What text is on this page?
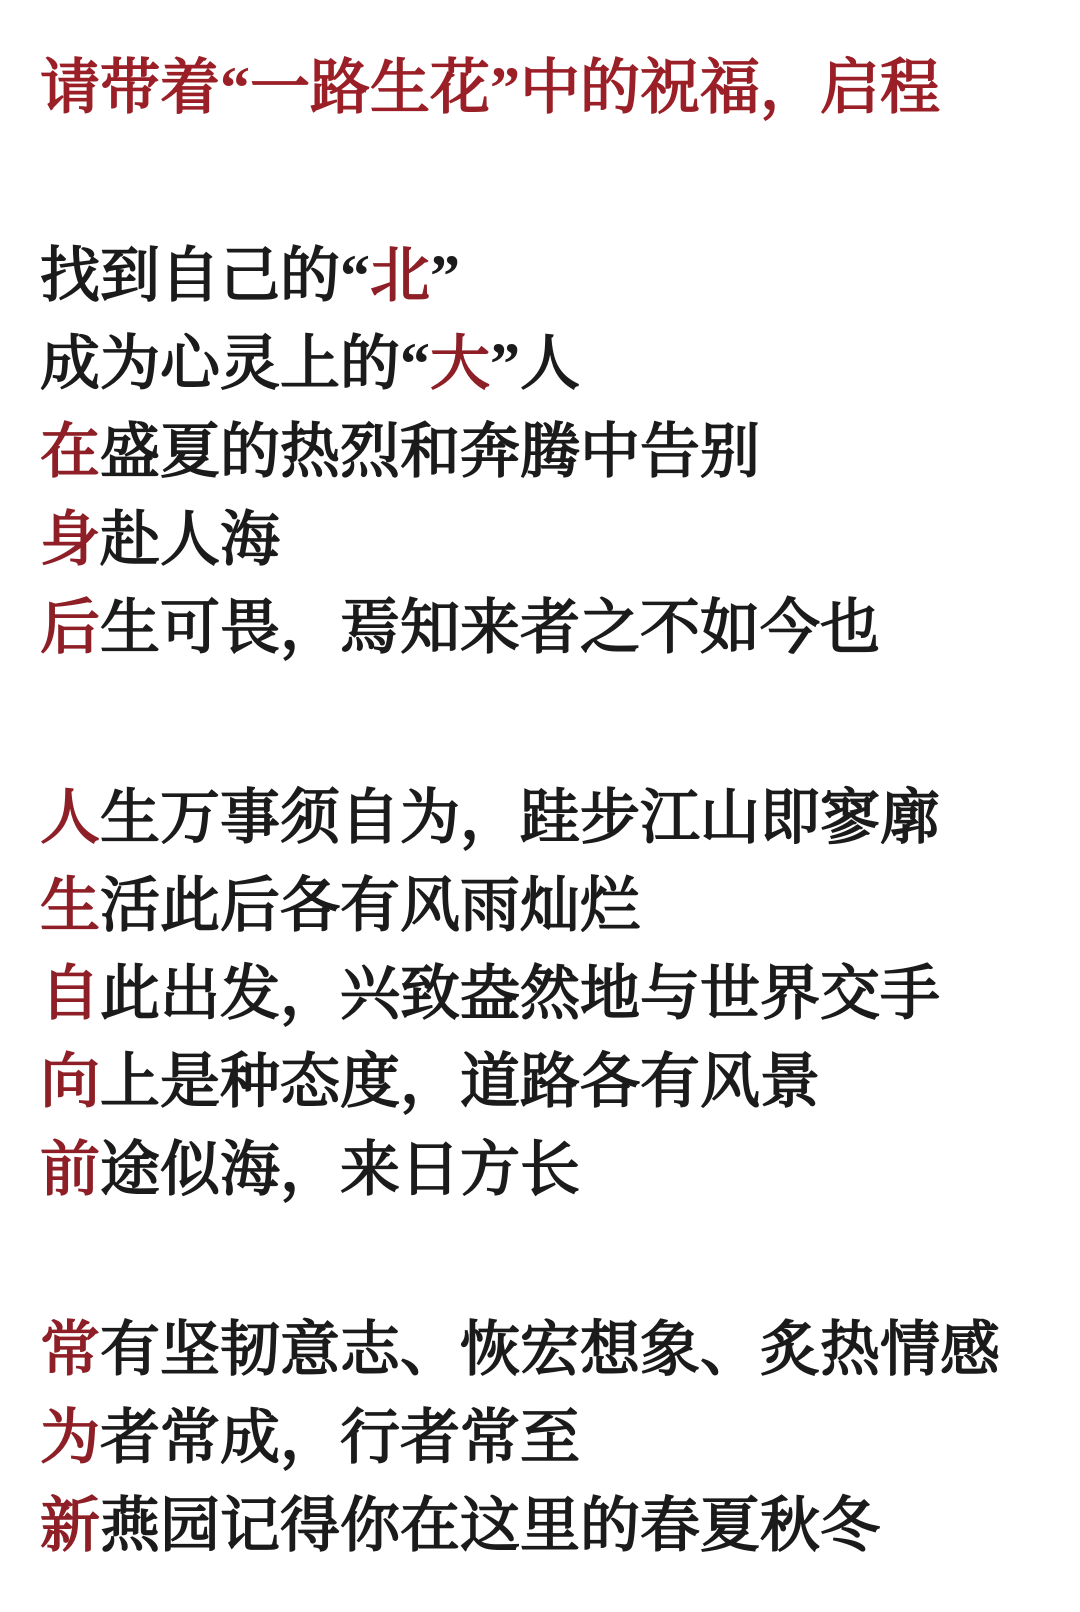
请带着“一路生花”中的祝福，启程

找到自己的“北”

成为心灵上的“大”人

在盛夏的热烈和奔腾中告别

身赴人海

后生可畏，焉知来者之不如今也

人生万事须自为，跬步江山即寥廓

生活此后各有风雨灿烂

自此出发，兴致盎然地与世界交手

向上是种态度，道路各有风景

前途似海，来日方长

常有坚韧意志、恢宏想象、炙热情感

为者常成，行者常至

新燕园记得你在这里的春夏秋冬
